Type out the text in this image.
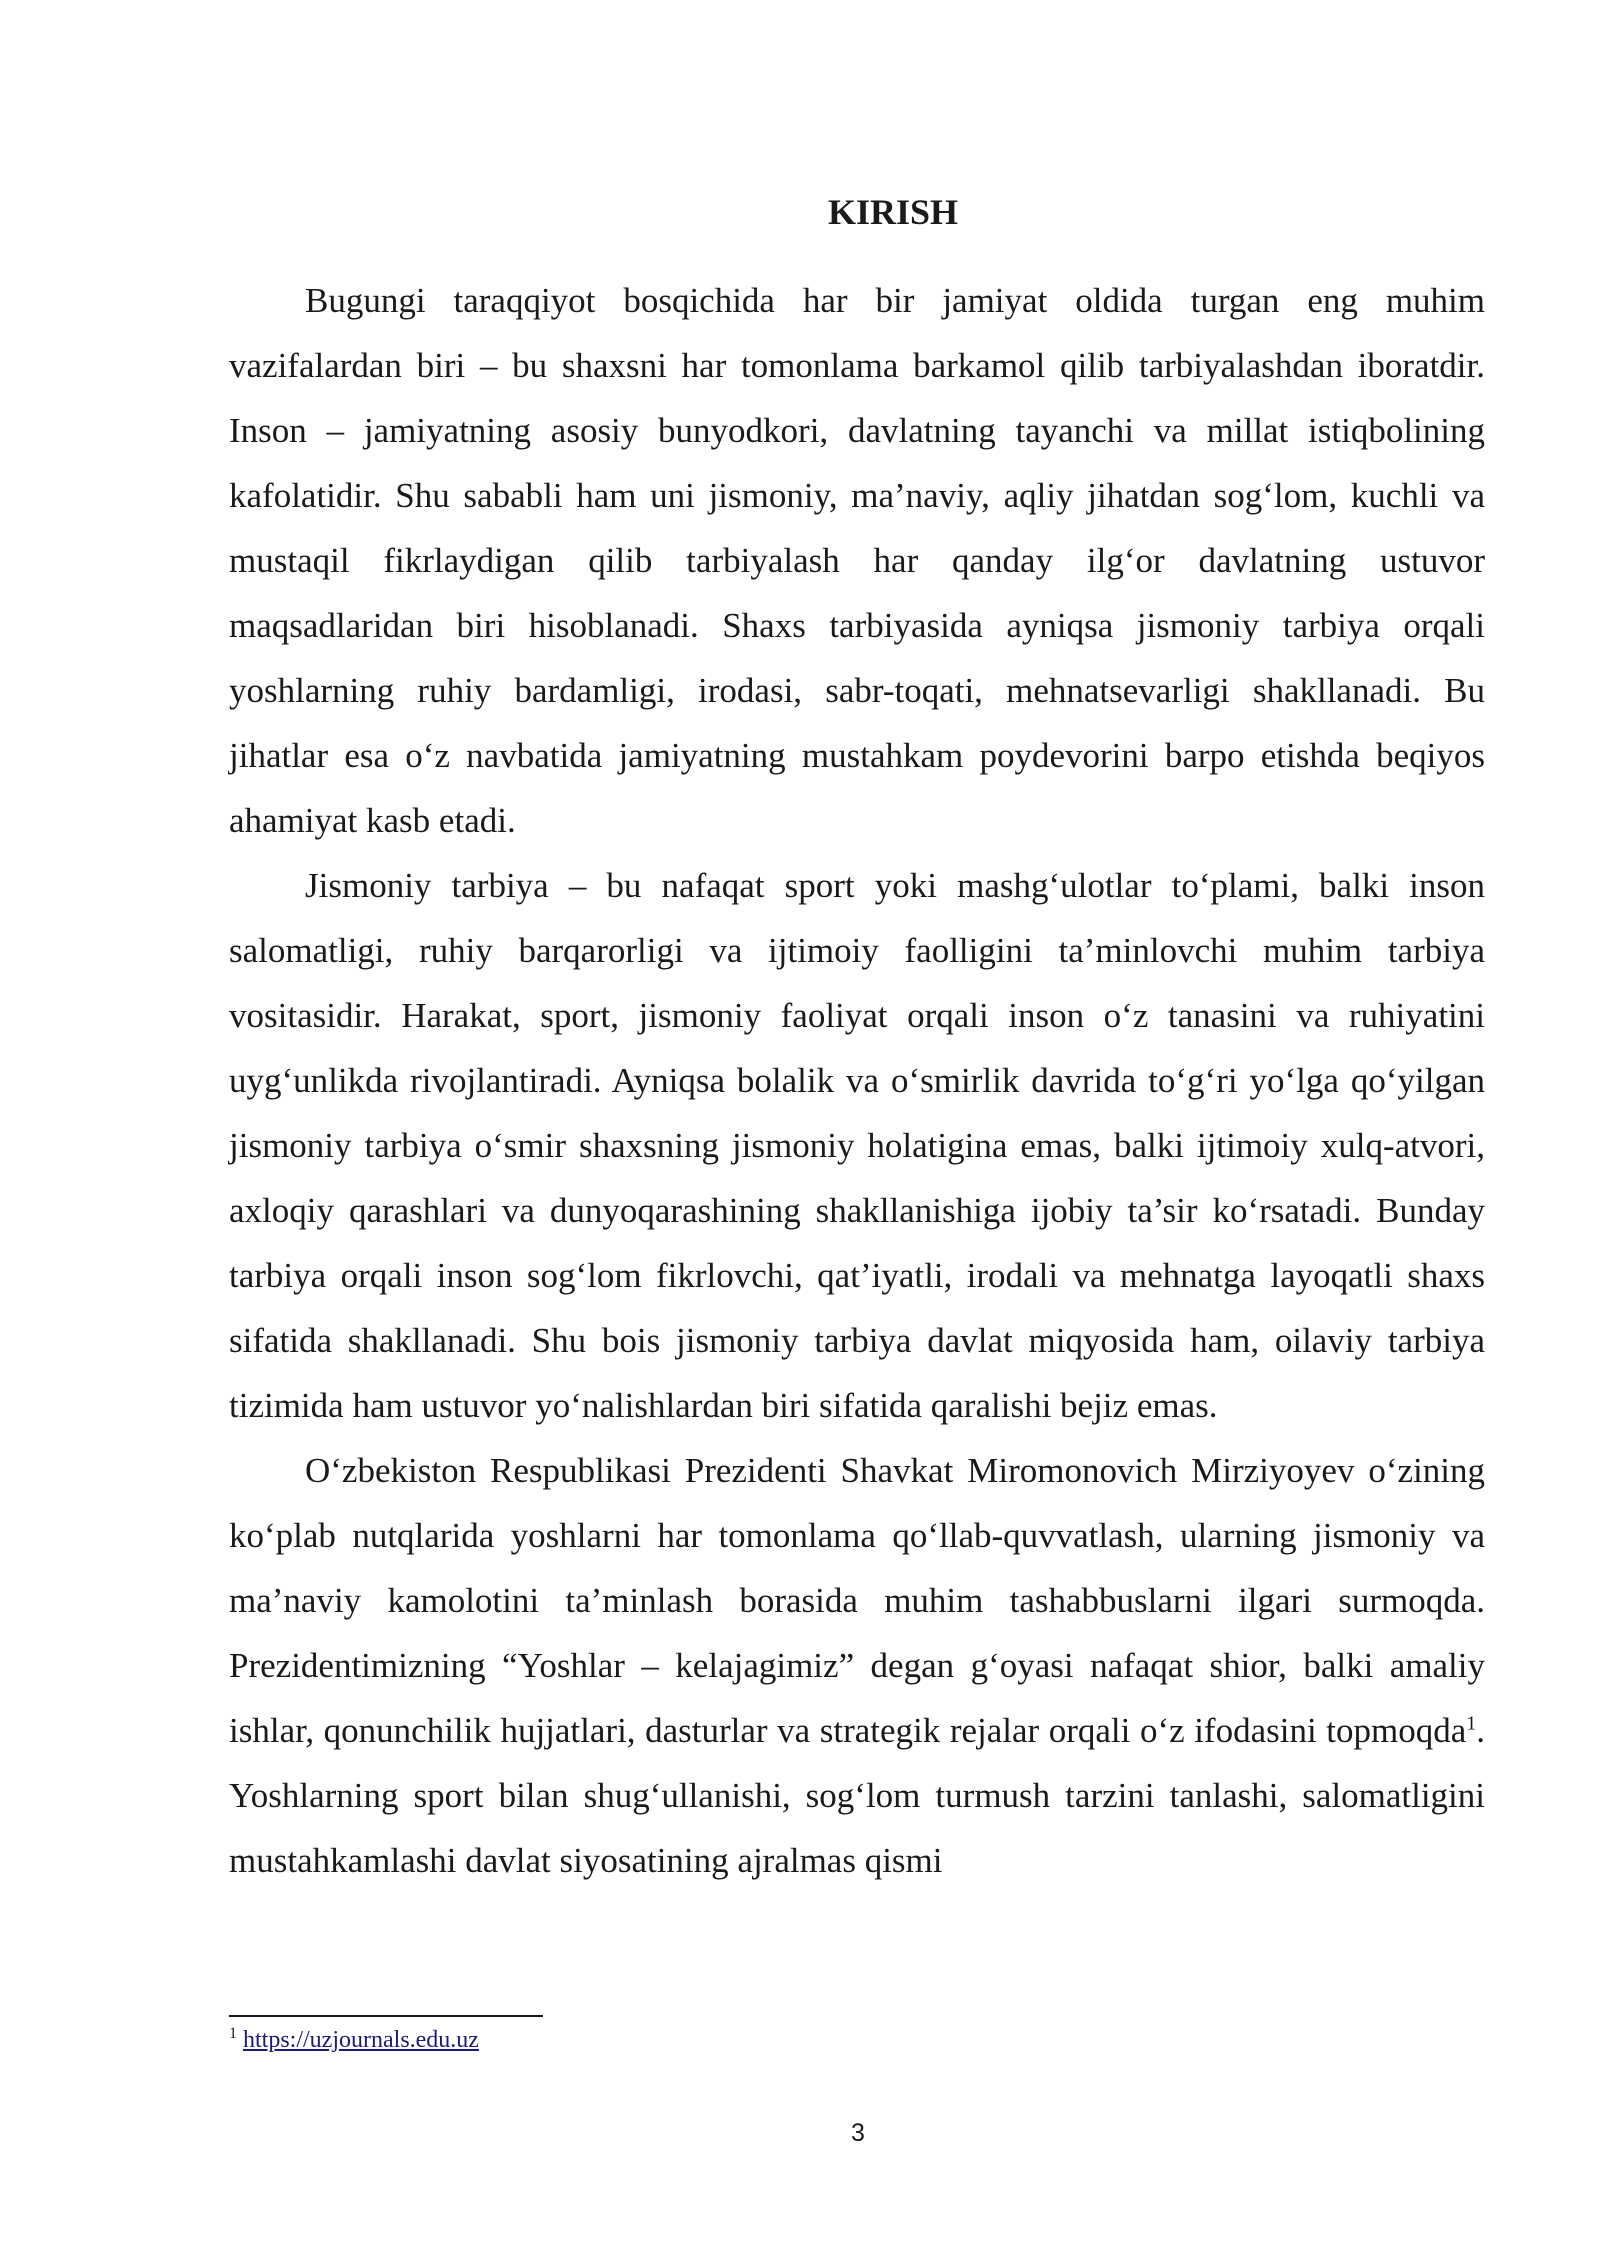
KIRISH

Bugungi taraqqiyot bosqichida har bir jamiyat oldida turgan eng muhim vazifalardan biri – bu shaxsni har tomonlama barkamol qilib tarbiyalashdan iboratdir. Inson – jamiyatning asosiy bunyodkori, davlatning tayanchi va millat istiqbolining kafolatidir. Shu sababli ham uni jismoniy, ma’naviy, aqliy jihatdan sog‘lom, kuchli va mustaqil fikrlaydigan qilib tarbiyalash har qanday ilg‘or davlatning ustuvor maqsadlaridan biri hisoblanadi. Shaxs tarbiyasida ayniqsa jismoniy tarbiya orqali yoshlarning ruhiy bardamligi, irodasi, sabr-toqati, mehnatsevarligi shakllanadi. Bu jihatlar esa o‘z navbatida jamiyatning mustahkam poydevorini barpo etishda beqiyos ahamiyat kasb etadi.

Jismoniy tarbiya – bu nafaqat sport yoki mashg‘ulotlar to‘plami, balki inson salomatligi, ruhiy barqarorligi va ijtimoiy faolligini ta’minlovchi muhim tarbiya vositasidir. Harakat, sport, jismoniy faoliyat orqali inson o‘z tanasini va ruhiyatini uyg‘unlikda rivojlantiradi. Ayniqsa bolalik va o‘smirlik davrida to‘g‘ri yo‘lga qo‘yilgan jismoniy tarbiya o‘smir shaxsning jismoniy holatigina emas, balki ijtimoiy xulq-atvori, axloqiy qarashlari va dunyoqarashining shakllanishiga ijobiy ta’sir ko‘rsatadi. Bunday tarbiya orqali inson sog‘lom fikrlovchi, qat’iyatli, irodali va mehnatga layoqatli shaxs sifatida shakllanadi. Shu bois jismoniy tarbiya davlat miqyosida ham, oilaviy tarbiya tizimida ham ustuvor yo‘nalishlardan biri sifatida qaralishi bejiz emas.

O‘zbekiston Respublikasi Prezidenti Shavkat Miromonovich Mirziyoyev o‘zining ko‘plab nutqlarida yoshlarni har tomonlama qo‘llab-quvvatlash, ularning jismoniy va ma’naviy kamolotini ta’minlash borasida muhim tashabbuslarni ilgari surmoqda. Prezidentimizning “Yoshlar – kelajagimiz” degan g‘oyasi nafaqat shior, balki amaliy ishlar, qonunchilik hujjatlari, dasturlar va strategik rejalar orqali o‘z ifodasini topmoqda$^1$. Yoshlarning sport bilan shug‘ullanishi, sog‘lom turmush tarzini tanlashi, salomatligini mustahkamlashi davlat siyosatining ajralmas qismi

$^1$ https://uzjournals.edu.uz
3
